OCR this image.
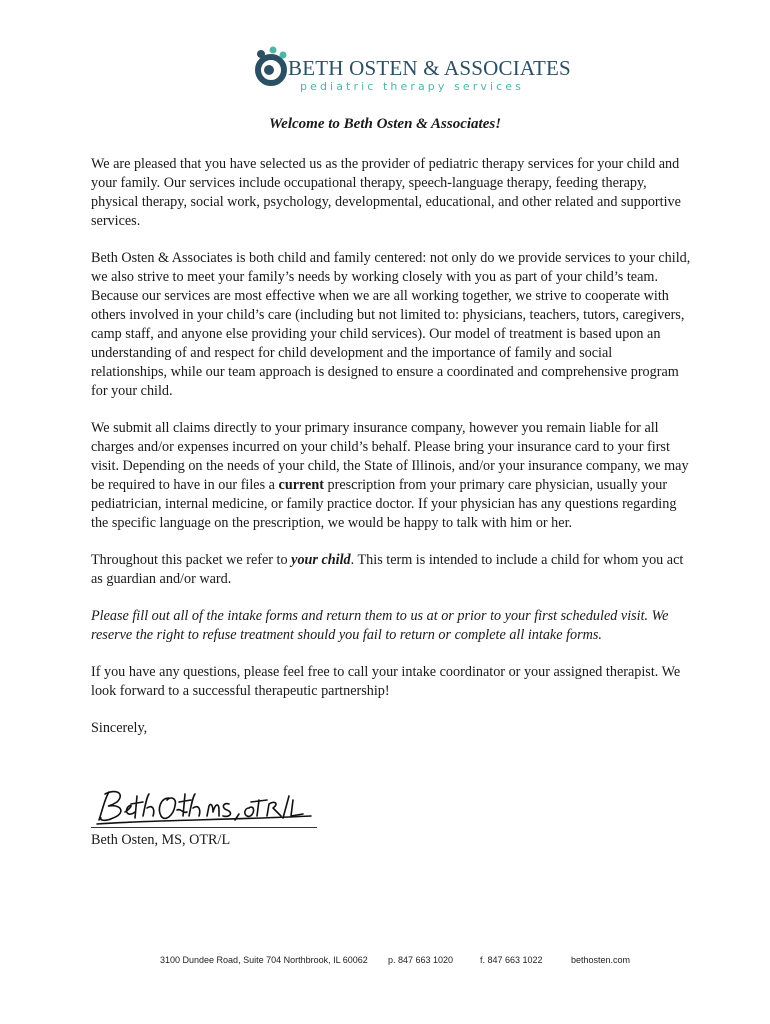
BETH OSTEN & ASSOCIATES
pediatric therapy services
Welcome to Beth Osten & Associates!

We are pleased that you have selected us as the provider of pediatric therapy services for your child and your family. Our services include occupational therapy, speech-language therapy, feeding therapy, physical therapy, social work, psychology, developmental, educational, and other related and supportive services.

Beth Osten & Associates is both child and family centered: not only do we provide services to your child, we also strive to meet your family’s needs by working closely with you as part of your child’s team. Because our services are most effective when we are all working together, we strive to cooperate with others involved in your child’s care (including but not limited to: physicians, teachers, tutors, caregivers, camp staff, and anyone else providing your child services). Our model of treatment is based upon an understanding of and respect for child development and the importance of family and social relationships, while our team approach is designed to ensure a coordinated and comprehensive program for your child.

We submit all claims directly to your primary insurance company, however you remain liable for all charges and/or expenses incurred on your child’s behalf. Please bring your insurance card to your first visit. Depending on the needs of your child, the State of Illinois, and/or your insurance company, we may be required to have in our files a current prescription from your primary care physician, usually your pediatrician, internal medicine, or family practice doctor. If your physician has any questions regarding the specific language on the prescription, we would be happy to talk with him or her.

Throughout this packet we refer to your child. This term is intended to include a child for whom you act as guardian and/or ward.

Please fill out all of the intake forms and return them to us at or prior to your first scheduled visit. We reserve the right to refuse treatment should you fail to return or complete all intake forms.

If you have any questions, please feel free to call your intake coordinator or your assigned therapist. We look forward to a successful therapeutic partnership!

Sincerely,

Beth Osten, MS, OTR/L
3100 Dundee Road, Suite 704 Northbrook, IL 60062 p. 847 663 1020	f. 847 663 1022	bethosten.com
